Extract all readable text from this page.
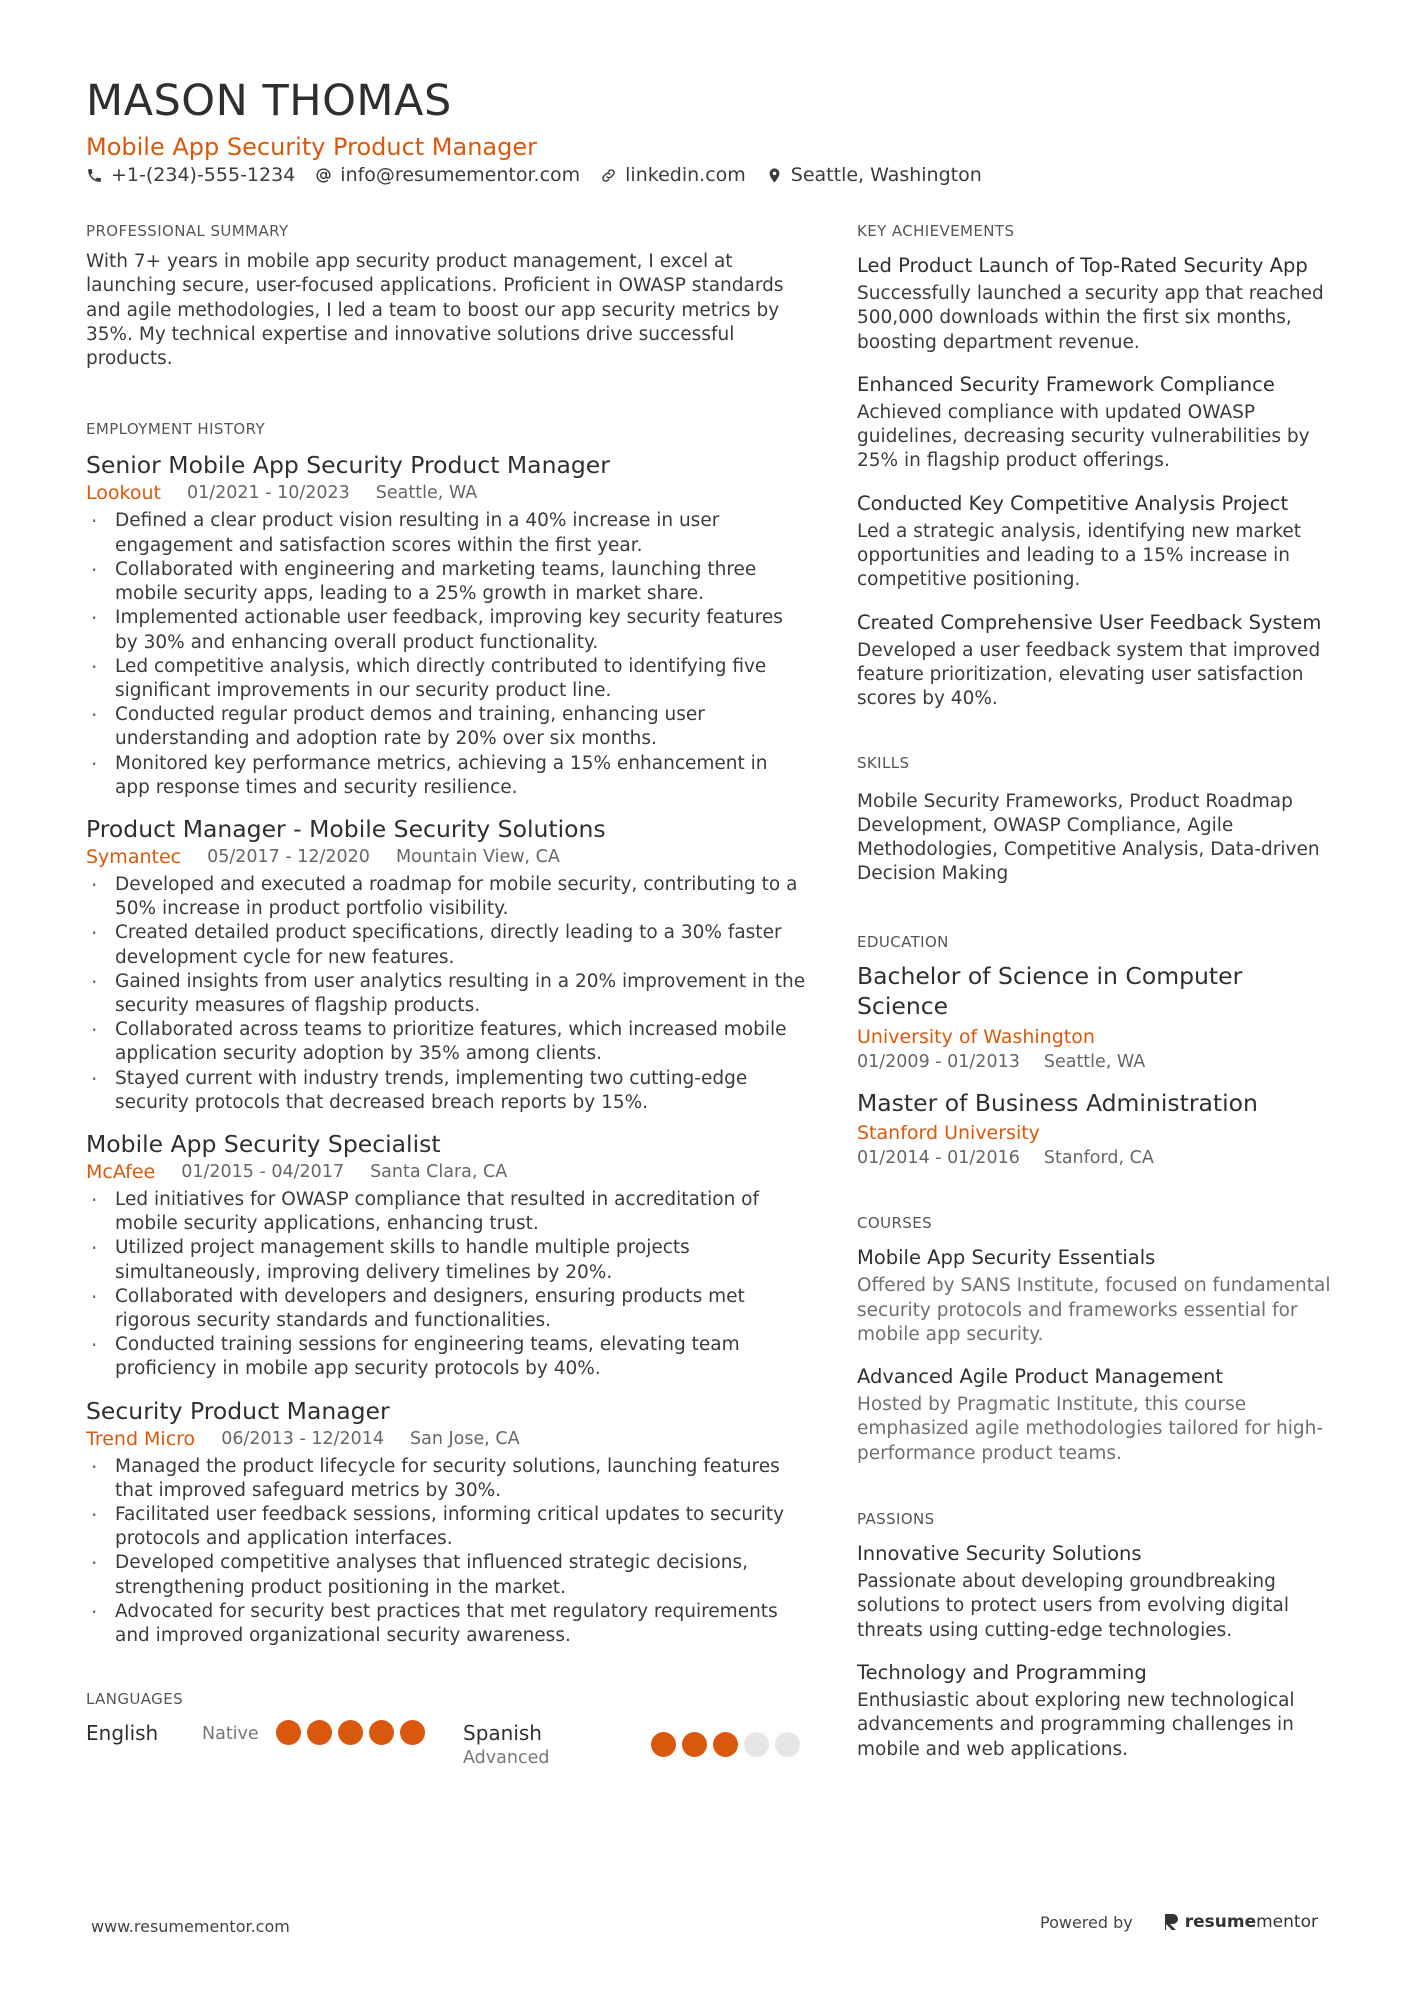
MASON THOMAS
Mobile App Security Product Manager
+1-(234)-555-1234 info@resumementor.com linkedin.com Seattle, Washington
PROFESSIONAL SUMMARY
With 7+ years in mobile app security product management, I excel at launching secure, user-focused applications. Proficient in OWASP standards and agile methodologies, I led a team to boost our app security metrics by 35%. My technical expertise and innovative solutions drive successful products.
EMPLOYMENT HISTORY
Senior Mobile App Security Product Manager
Lookout 01/2021 - 10/2023 Seattle, WA
· Defined a clear product vision resulting in a 40% increase in user engagement and satisfaction scores within the first year.
· Collaborated with engineering and marketing teams, launching three mobile security apps, leading to a 25% growth in market share.
· Implemented actionable user feedback, improving key security features by 30% and enhancing overall product functionality.
· Led competitive analysis, which directly contributed to identifying five significant improvements in our security product line.
· Conducted regular product demos and training, enhancing user understanding and adoption rate by 20% over six months.
· Monitored key performance metrics, achieving a 15% enhancement in app response times and security resilience.
Product Manager - Mobile Security Solutions
Symantec 05/2017 - 12/2020 Mountain View, CA
· Developed and executed a roadmap for mobile security, contributing to a 50% increase in product portfolio visibility.
· Created detailed product specifications, directly leading to a 30% faster development cycle for new features.
· Gained insights from user analytics resulting in a 20% improvement in the security measures of flagship products.
· Collaborated across teams to prioritize features, which increased mobile application security adoption by 35% among clients.
· Stayed current with industry trends, implementing two cutting-edge security protocols that decreased breach reports by 15%.
Mobile App Security Specialist
McAfee 01/2015 - 04/2017 Santa Clara, CA
· Led initiatives for OWASP compliance that resulted in accreditation of mobile security applications, enhancing trust.
· Utilized project management skills to handle multiple projects simultaneously, improving delivery timelines by 20%.
· Collaborated with developers and designers, ensuring products met rigorous security standards and functionalities.
· Conducted training sessions for engineering teams, elevating team proficiency in mobile app security protocols by 40%.
Security Product Manager
Trend Micro 06/2013 - 12/2014 San Jose, CA
· Managed the product lifecycle for security solutions, launching features that improved safeguard metrics by 30%.
· Facilitated user feedback sessions, informing critical updates to security protocols and application interfaces.
· Developed competitive analyses that influenced strategic decisions, strengthening product positioning in the market.
· Advocated for security best practices that met regulatory requirements and improved organizational security awareness.
LANGUAGES
English	Native	Spanish
Advanced
KEY ACHIEVEMENTS
Led Product Launch of Top-Rated Security App
Successfully launched a security app that reached 500,000 downloads within the first six months, boosting department revenue.
Enhanced Security Framework Compliance
Achieved compliance with updated OWASP guidelines, decreasing security vulnerabilities by 25% in flagship product offerings.
Conducted Key Competitive Analysis Project
Led a strategic analysis, identifying new market opportunities and leading to a 15% increase in competitive positioning.
Created Comprehensive User Feedback System
Developed a user feedback system that improved feature prioritization, elevating user satisfaction scores by 40%.
SKILLS
Mobile Security Frameworks, Product Roadmap Development, OWASP Compliance, Agile Methodologies, Competitive Analysis, Data-driven Decision Making
EDUCATION
Bachelor of Science in Computer Science
University of Washington
01/2009 - 01/2013 Seattle, WA
Master of Business Administration
Stanford University
01/2014 - 01/2016 Stanford, CA
COURSES
Mobile App Security Essentials
Offered by SANS Institute, focused on fundamental security protocols and frameworks essential for mobile app security.
Advanced Agile Product Management
Hosted by Pragmatic Institute, this course emphasized agile methodologies tailored for high-performance product teams.
PASSIONS
Innovative Security Solutions
Passionate about developing groundbreaking solutions to protect users from evolving digital threats using cutting-edge technologies.
Technology and Programming
Enthusiastic about exploring new technological advancements and programming challenges in mobile and web applications.
www.resumementor.com	Powered by	resume mentor
